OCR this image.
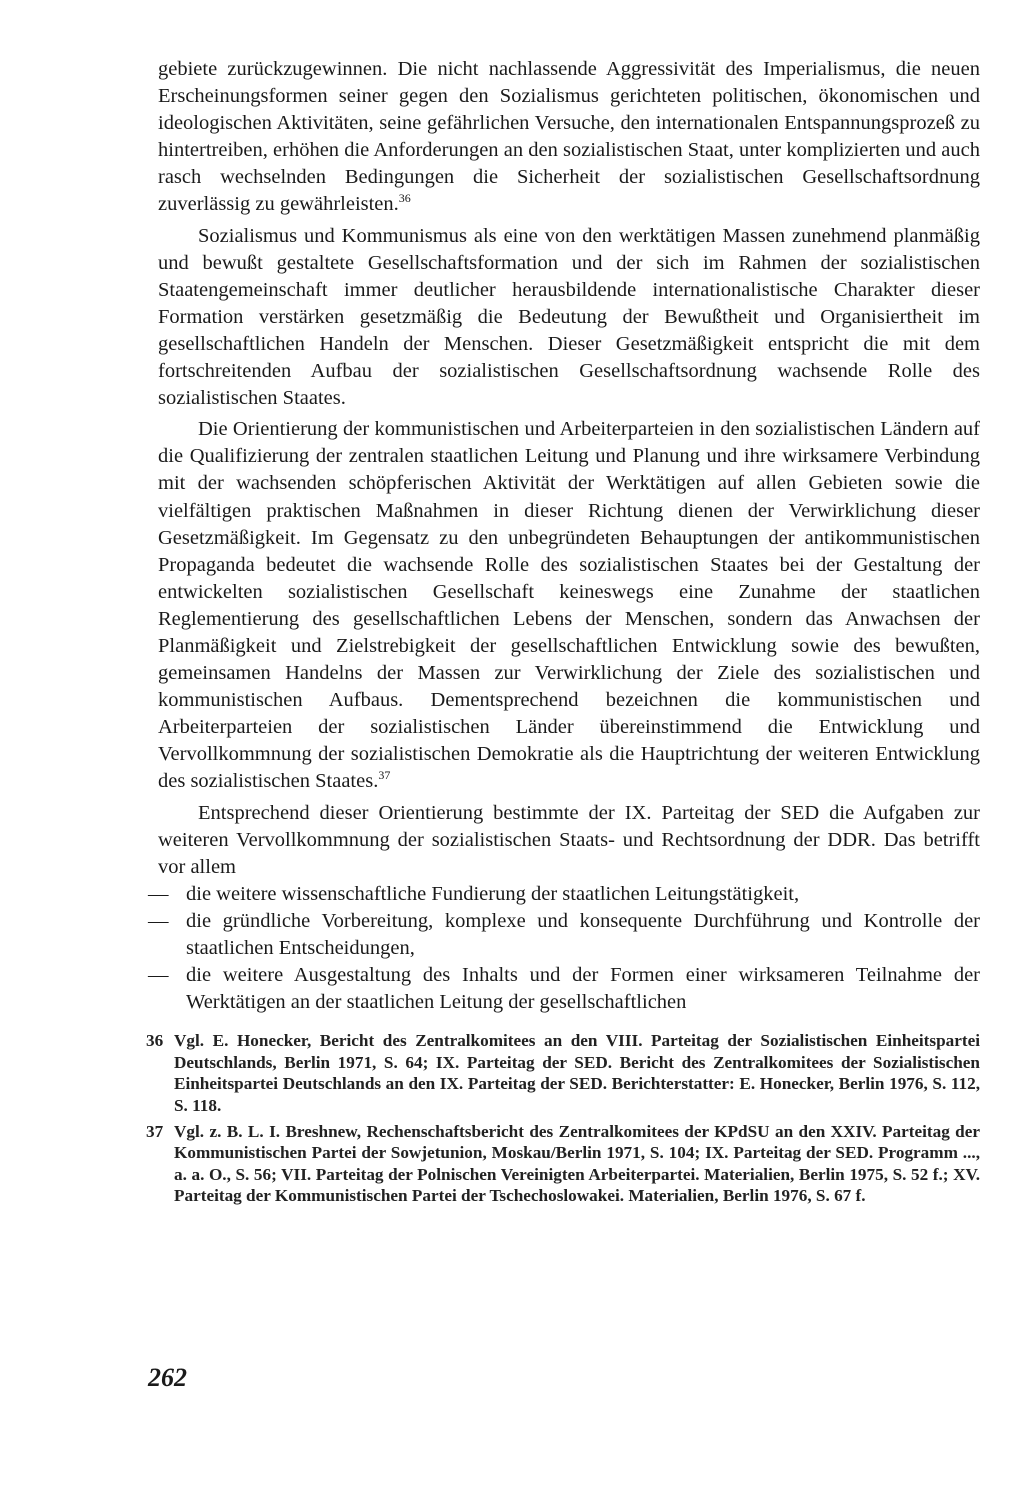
gebiete zurückzugewinnen. Die nicht nachlassende Aggressivität des Imperialismus, die neuen Erscheinungsformen seiner gegen den Sozialismus gerichteten politischen, ökonomischen und ideologischen Aktivitäten, seine gefährlichen Versuche, den internationalen Entspannungsprozeß zu hintertreiben, erhöhen die Anforderungen an den sozialistischen Staat, unter komplizierten und auch rasch wechselnden Bedingungen die Sicherheit der sozialistischen Gesellschaftsordnung zuverlässig zu gewährleisten.$^{36}$

Sozialismus und Kommunismus als eine von den werktätigen Massen zunehmend planmäßig und bewußt gestaltete Gesellschaftsformation und der sich im Rahmen der sozialistischen Staatengemeinschaft immer deutlicher herausbildende internationalistische Charakter dieser Formation verstärken gesetzmäßig die Bedeutung der Bewußtheit und Organisiertheit im gesellschaftlichen Handeln der Menschen. Dieser Gesetzmäßigkeit entspricht die mit dem fortschreitenden Aufbau der sozialistischen Gesellschaftsordnung wachsende Rolle des sozialistischen Staates.

Die Orientierung der kommunistischen und Arbeiterparteien in den sozialistischen Ländern auf die Qualifizierung der zentralen staatlichen Leitung und Planung und ihre wirksamere Verbindung mit der wachsenden schöpferischen Aktivität der Werktätigen auf allen Gebieten sowie die vielfältigen praktischen Maßnahmen in dieser Richtung dienen der Verwirklichung dieser Gesetzmäßigkeit. Im Gegensatz zu den unbegründeten Behauptungen der antikommunistischen Propaganda bedeutet die wachsende Rolle des sozialistischen Staates bei der Gestaltung der entwickelten sozialistischen Gesellschaft keineswegs eine Zunahme der staatlichen Reglementierung des gesellschaftlichen Lebens der Menschen, sondern das Anwachsen der Planmäßigkeit und Zielstrebigkeit der gesellschaftlichen Entwicklung sowie des bewußten, gemeinsamen Handelns der Massen zur Verwirklichung der Ziele des sozialistischen und kommunistischen Aufbaus. Dementsprechend bezeichnen die kommunistischen und Arbeiterparteien der sozialistischen Länder übereinstimmend die Entwicklung und Vervollkommnung der sozialistischen Demokratie als die Hauptrichtung der weiteren Entwicklung des sozialistischen Staates.$^{37}$

Entsprechend dieser Orientierung bestimmte der IX. Parteitag der SED die Aufgaben zur weiteren Vervollkommnung der sozialistischen Staats- und Rechtsordnung der DDR. Das betrifft vor allem

— die weitere wissenschaftliche Fundierung der staatlichen Leitungstätigkeit,
— die gründliche Vorbereitung, komplexe und konsequente Durchführung und Kontrolle der staatlichen Entscheidungen,
— die weitere Ausgestaltung des Inhalts und der Formen einer wirksameren Teilnahme der Werktätigen an der staatlichen Leitung der gesellschaftlichen
36 Vgl. E. Honecker, Bericht des Zentralkomitees an den VIII. Parteitag der Sozialistischen Einheitspartei Deutschlands, Berlin 1971, S. 64; IX. Parteitag der SED. Bericht des Zentralkomitees der Sozialistischen Einheitspartei Deutschlands an den IX. Parteitag der SED. Berichterstatter: E. Honecker, Berlin 1976, S. 112, S. 118.
37 Vgl. z. B. L. I. Breshnew, Rechenschaftsbericht des Zentralkomitees der KPdSU an den XXIV. Parteitag der Kommunistischen Partei der Sowjetunion, Moskau/Berlin 1971, S. 104; IX. Parteitag der SED. Programm ..., a. a. O., S. 56; VII. Parteitag der Polnischen Vereinigten Arbeiterpartei. Materialien, Berlin 1975, S. 52 f.; XV. Parteitag der Kommunistischen Partei der Tschechoslowakei. Materialien, Berlin 1976, S. 67 f.
262
